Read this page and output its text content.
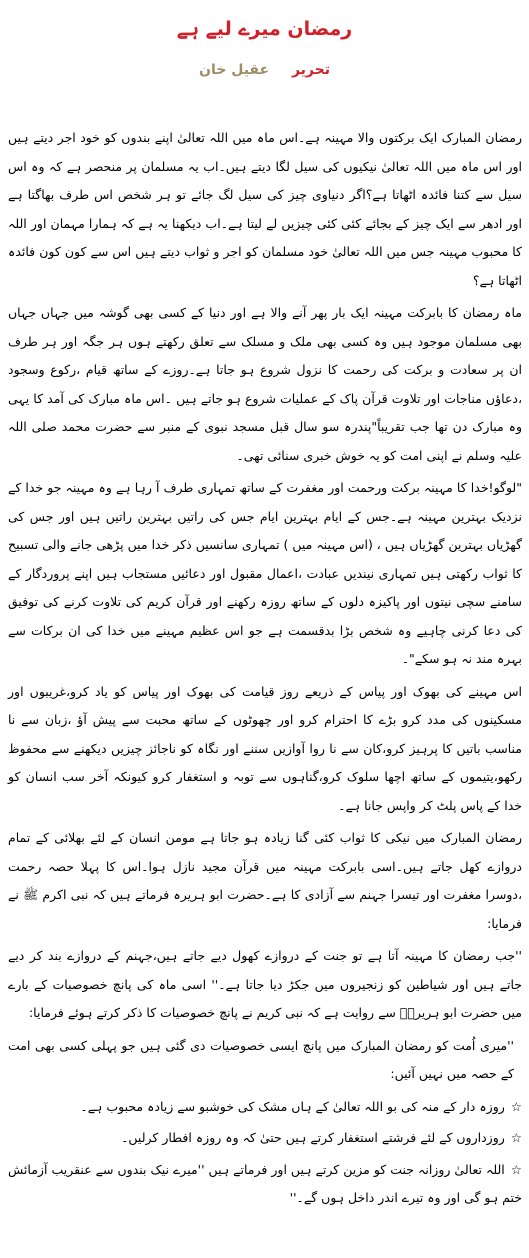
رمضان میرے لیے ہے
تحریر عقیل خان

رمضان المبارک ایک برکتوں والا مہینہ ہے۔اس ماہ میں اللہ تعالیٰ اپنے بندوں کو خود اجر دیتے ہیں اور اس ماہ میں اللہ تعالیٰ نیکیوں کی سیل لگا دیتے ہیں۔اب یہ مسلمان پر منحصر ہے کہ وہ اس سیل سے کتنا فائدہ اٹھاتا ہے؟اگر دنیاوی چیز کی سیل لگ جائے تو ہر شخص اس طرف بھاگتا ہے اور ادھر سے ایک چیز کے بجائے کئی کئی چیزیں لے لیتا ہے۔اب دیکھنا یہ ہے کہ ہمارا مہمان اور اللہ کا محبوب مہینہ جس میں اللہ تعالیٰ خود مسلمان کو اجر و ثواب دیتے ہیں اس سے کون کون فائدہ اٹھاتا ہے؟

ماہ رمضان کا بابرکت مہینہ ایک بار پھر آنے والا ہے اور دنیا کے کسی بھی گوشہ میں جہاں جہاں بھی مسلمان موجود ہیں وہ کسی بھی ملک و مسلک سے تعلق رکھتے ہوں ہر جگہ اور ہر طرف ان پر سعادت و برکت کی رحمت کا نزول شروع ہو جاتا ہے۔روزے کے ساتھ قیام ،رکوع وسجود ،دعاؤں مناجات اور تلاوت قرآن پاک کے عملیات شروع ہو جاتے ہیں ۔اس ماہ مبارک کی آمد کا یہی وہ مبارک دن تھا جب تقریباً"پندرہ سو سال قبل مسجد نبوی کے منبر سے حضرت محمد صلی اللہ علیہ وسلم نے اپنی امت کو یہ خوش خبری سنائی تھی۔

"لوگو!خدا کا مہینہ برکت ورحمت اور مغفرت کے ساتھ تمہاری طرف آ رہا ہے وہ مہینہ جو خدا کے نزدیک بہترین مہینہ ہے۔جس کے ایام بہترین ایام جس کی راتیں بہترین راتیں ہیں اور جس کی گھڑیاں بہترین گھڑیاں ہیں ، (اس مہینہ میں ) تمہاری سانسیں ذکر خدا میں پڑھی جانے والی تسبیح کا ثواب رکھتی ہیں تمہاری نیندیں عبادت ،اعمال مقبول اور دعائیں مستجاب ہیں اپنے پروردگار کے سامنے سچی نیتوں اور پاکیزہ دلوں کے ساتھ روزہ رکھنے اور قرآن کریم کی تلاوت کرنے کی توفیق کی دعا کرنی چاہیے وہ شخص بڑا بدقسمت ہے جو اس عظیم مہینے میں خدا کی ان برکات سے بہرہ مند نہ ہو سکے"۔

اس مہینے کی بھوک اور پیاس کے ذریعے روز قیامت کی بھوک اور پیاس کو یاد کرو،غریبوں اور مسکینوں کی مدد کرو بڑے کا احترام کرو اور چھوٹوں کے ساتھ محبت سے پیش آؤ ،زبان سے نا مناسب باتیں کا پرہیز کرو،کان سے نا روا آوازیں سننے اور نگاہ کو ناجائز چیزیں دیکھنے سے محفوظ رکھو،یتیموں کے ساتھ اچھا سلوک کرو،گناہوں سے توبہ و استغفار کرو کیونکہ آخر سب انسان کو خدا کے پاس پلٹ کر واپس جانا ہے۔

رمضان المبارک میں نیکی کا ثواب کئی گنا زیادہ ہو جاتا ہے مومن انسان کے لئے بھلائی کے تمام دروازے کھل جاتے ہیں۔اسی بابرکت مہینہ میں قرآن مجید نازل ہوا۔اس کا پہلا حصہ رحمت ،دوسرا مغفرت اور تیسرا جہنم سے آزادی کا ہے۔حضرت ابو ہریرہ فرماتے ہیں کہ نبی اکرم ﷺ نے فرمایا:

''جب رمضان کا مہینہ آتا ہے تو جنت کے دروازے کھول دیے جاتے ہیں،جہنم کے دروازے بند کر دیے جاتے ہیں اور شیاطین کو زنجیروں میں جکڑ دیا جاتا ہے۔'' اسی ماہ کی پانچ خصوصیات کے بارے میں حضرت ابو ہریرہؓ سے روایت ہے کہ نبی کریم نے پانچ خصوصیات کا ذکر کرتے ہوئے فرمایا:

''میری اُمت کو رمضان المبارک میں پانچ ایسی خصوصیات دی گئی ہیں جو پہلی کسی بھی امت کے حصہ میں نہیں آئیں:

☆روزہ دار کے منہ کی بو اللہ تعالیٰ کے ہاں مشک کی خوشبو سے زیادہ محبوب ہے۔

☆روزداروں کے لئے فرشتے استغفار کرتے ہیں حتیٰ کہ وہ روزہ افطار کرلیں۔

☆اللہ تعالیٰ روزانہ جنت کو مزین کرتے ہیں اور فرماتے ہیں ''میرے نیک بندوں سے عنقریب آزمائش ختم ہو گی اور وہ تیرے اندر داخل ہوں گے۔''
